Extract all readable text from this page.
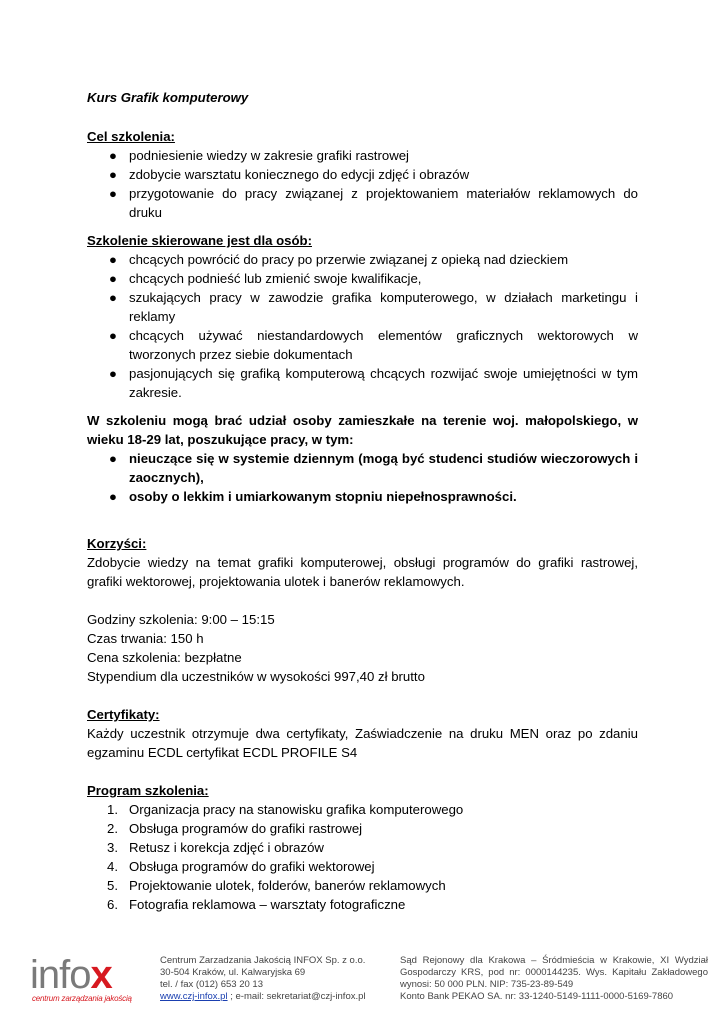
Kurs Grafik komputerowy
Cel szkolenia:
● podniesienie wiedzy w zakresie grafiki rastrowej
● zdobycie warsztatu koniecznego do edycji zdjęć i obrazów
● przygotowanie do pracy związanej z projektowaniem materiałów reklamowych do druku
Szkolenie skierowane jest dla osób:
● chcących powrócić do pracy po przerwie związanej z opieką nad dzieckiem
● chcących podnieść lub zmienić swoje kwalifikacje,
● szukających pracy w zawodzie grafika komputerowego, w działach marketingu i reklamy
● chcących używać niestandardowych elementów graficznych wektorowych w tworzonych przez siebie dokumentach
● pasjonujących się grafiką komputerową chcących rozwijać swoje umiejętności w tym zakresie.
W szkoleniu mogą brać udział osoby zamieszkałe na terenie woj. małopolskiego, w wieku 18-29 lat, poszukujące pracy, w tym:
● nieuczące się w systemie dziennym (mogą być studenci studiów wieczorowych i zaocznych),
● osoby o lekkim i umiarkowanym stopniu niepełnosprawności.
Korzyści:
Zdobycie wiedzy na temat grafiki komputerowej, obsługi programów do grafiki rastrowej, grafiki wektorowej, projektowania ulotek i banerów reklamowych.
Godziny szkolenia: 9:00 – 15:15
Czas trwania: 150 h
Cena szkolenia: bezpłatne
Stypendium dla uczestników w wysokości 997,40 zł brutto
Certyfikaty:
Każdy uczestnik otrzymuje dwa certyfikaty, Zaświadczenie na druku MEN oraz po zdaniu egzaminu ECDL certyfikat ECDL PROFILE S4
Program szkolenia:
1. Organizacja pracy na stanowisku grafika komputerowego
2. Obsługa programów do grafiki rastrowej
3. Retusz i korekcja zdjęć i obrazów
4. Obsługa programów do grafiki wektorowej
5. Projektowanie ulotek, folderów, banerów reklamowych
6. Fotografia reklamowa – warsztaty fotograficzne
infox
centrum zarządzania jakością
Centrum Zarzadzania Jakością INFOX Sp. z o.o.
30-504 Kraków, ul. Kalwaryjska 69
tel. / fax (012) 653 20 13
www.czj-infox.pl ; e-mail: sekretariat@czj-infox.pl
Sąd Rejonowy dla Krakowa – Śródmieścia w Krakowie, XI Wydział Gospodarczy KRS, pod nr: 0000144235. Wys. Kapitału Zakładowego wynosi: 50 000 PLN. NIP: 735-23-89-549
Konto Bank PEKAO SA. nr: 33-1240-5149-1111-0000-5169-7860
